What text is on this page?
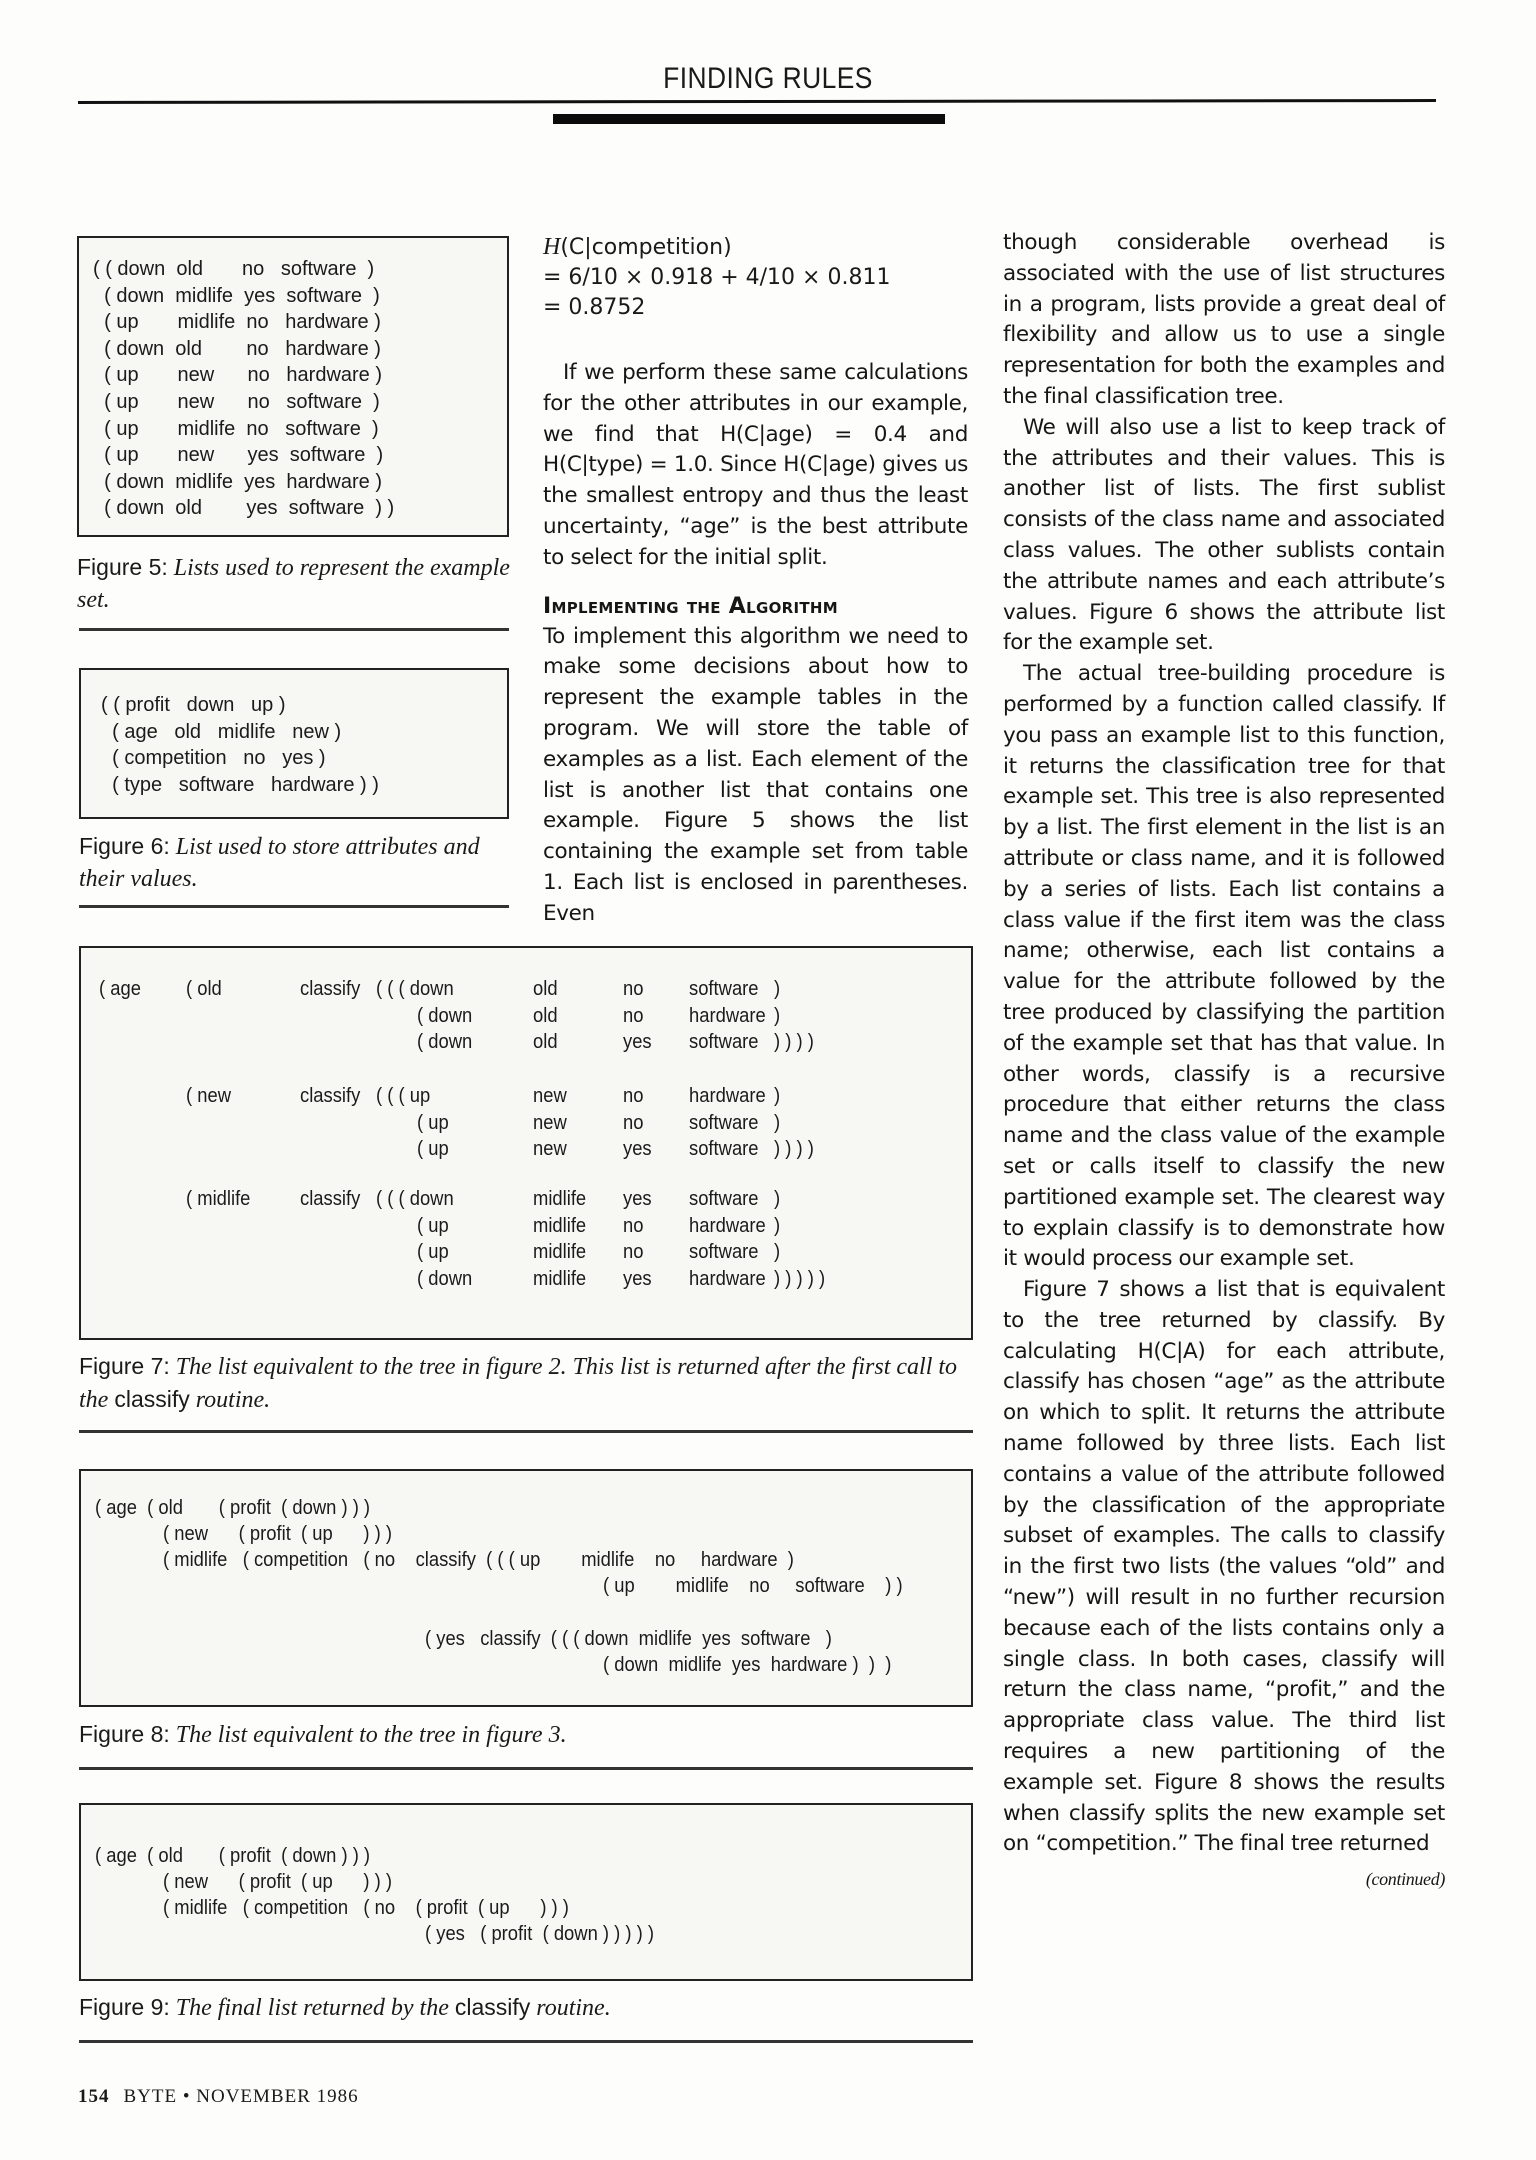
FINDING RULES
( ( down  old       no   software  )
( down  midlife  yes  software  )
( up       midlife  no   hardware )
( down  old        no   hardware )
( up       new      no   hardware )
( up       new      no   software  )
( up       midlife  no   software  )
( up       new      yes  software  )
( down  midlife  yes  hardware )
( down  old        yes  software  ) )
Figure 5: Lists used to represent the example set.
( ( profit   down   up )
( age   old   midlife   new )
( competition   no   yes )
( type   software   hardware ) )
Figure 6: List used to store attributes and their values.
H(C|competition)
= 6/10 × 0.918 + 4/10 × 0.811
= 0.8752

If we perform these same calculations for the other attributes in our example, we find that H(C|age) = 0.4 and H(C|type) = 1.0. Since H(C|age) gives us the smallest entropy and thus the least uncertainty, “age” is the best attribute to select for the initial split.

Implementing the Algorithm

To implement this algorithm we need to make some decisions about how to represent the example tables in the program. We will store the table of examples as a list. Each element of the list is another list that contains one example. Figure 5 shows the list containing the example set from table 1. Each list is enclosed in parentheses. Even

though considerable overhead is associated with the use of list structures in a program, lists provide a great deal of flexibility and allow us to use a single representation for both the examples and the final classification tree.

We will also use a list to keep track of the attributes and their values. This is another list of lists. The first sublist consists of the class name and associated class values. The other sublists contain the attribute names and each attribute’s values. Figure 6 shows the attribute list for the example set.

The actual tree-building procedure is performed by a function called classify. If you pass an example list to this function, it returns the classification tree for that example set. This tree is also represented by a list. The first element in the list is an attribute or class name, and it is followed by a series of lists. Each list contains a class value if the first item was the class name; otherwise, each list contains a value for the attribute followed by the tree produced by classifying the partition of the example set that has that value. In other words, classify is a recursive procedure that either returns the class name and the class value of the example set or calls itself to classify the new partitioned example set. The clearest way to explain classify is to demonstrate how it would process our example set.

Figure 7 shows a list that is equivalent to the tree returned by classify. By calculating H(C|A) for each attribute, classify has chosen “age” as the attribute on which to split. It returns the attribute name followed by three lists. Each list contains a value of the attribute followed by the classification of the appropriate subset of examples. The calls to classify in the first two lists (the values “old” and “new”) will result in no further recursion because each of the lists contains only a single class. In both cases, classify will return the class name, “profit,” and the appropriate class value. The third list requires a new partitioning of the example set. Figure 8 shows the results when classify splits the new example set on “competition.” The final tree returned

(continued)
( age ( old	classify ( ( ( down	old	no software )
( down	old	no hardware )
( down	old	yes software ) ) ) )
( new	classify ( ( ( up	new	no hardware )
( up	new	no software )
( up	new	yes software ) ) ) )
( midlife classify ( ( ( down	midlife yes software )
( up	midlife no hardware )
( up	midlife no software )
( down	midlife yes hardware ) ) ) ) )
Figure 7: The list equivalent to the tree in figure 2. This list is returned after the first call to the classify routine.
( age  ( old       ( profit  ( down ) ) )
( new      ( profit  ( up      ) ) )
( midlife   ( competition   ( no    classify  ( ( ( up        midlife    no     hardware  )
( up        midlife    no     software    ) )
( yes   classify  ( ( ( down  midlife  yes  software   )
( down  midlife  yes  hardware )  )  )
Figure 8: The list equivalent to the tree in figure 3.
( age  ( old       ( profit  ( down ) ) )
( new      ( profit  ( up      ) ) )
( midlife   ( competition   ( no    ( profit  ( up      ) ) )
( yes   ( profit  ( down ) ) ) ) )
Figure 9: The final list returned by the classify routine.
154 BYTE • NOVEMBER 1986
